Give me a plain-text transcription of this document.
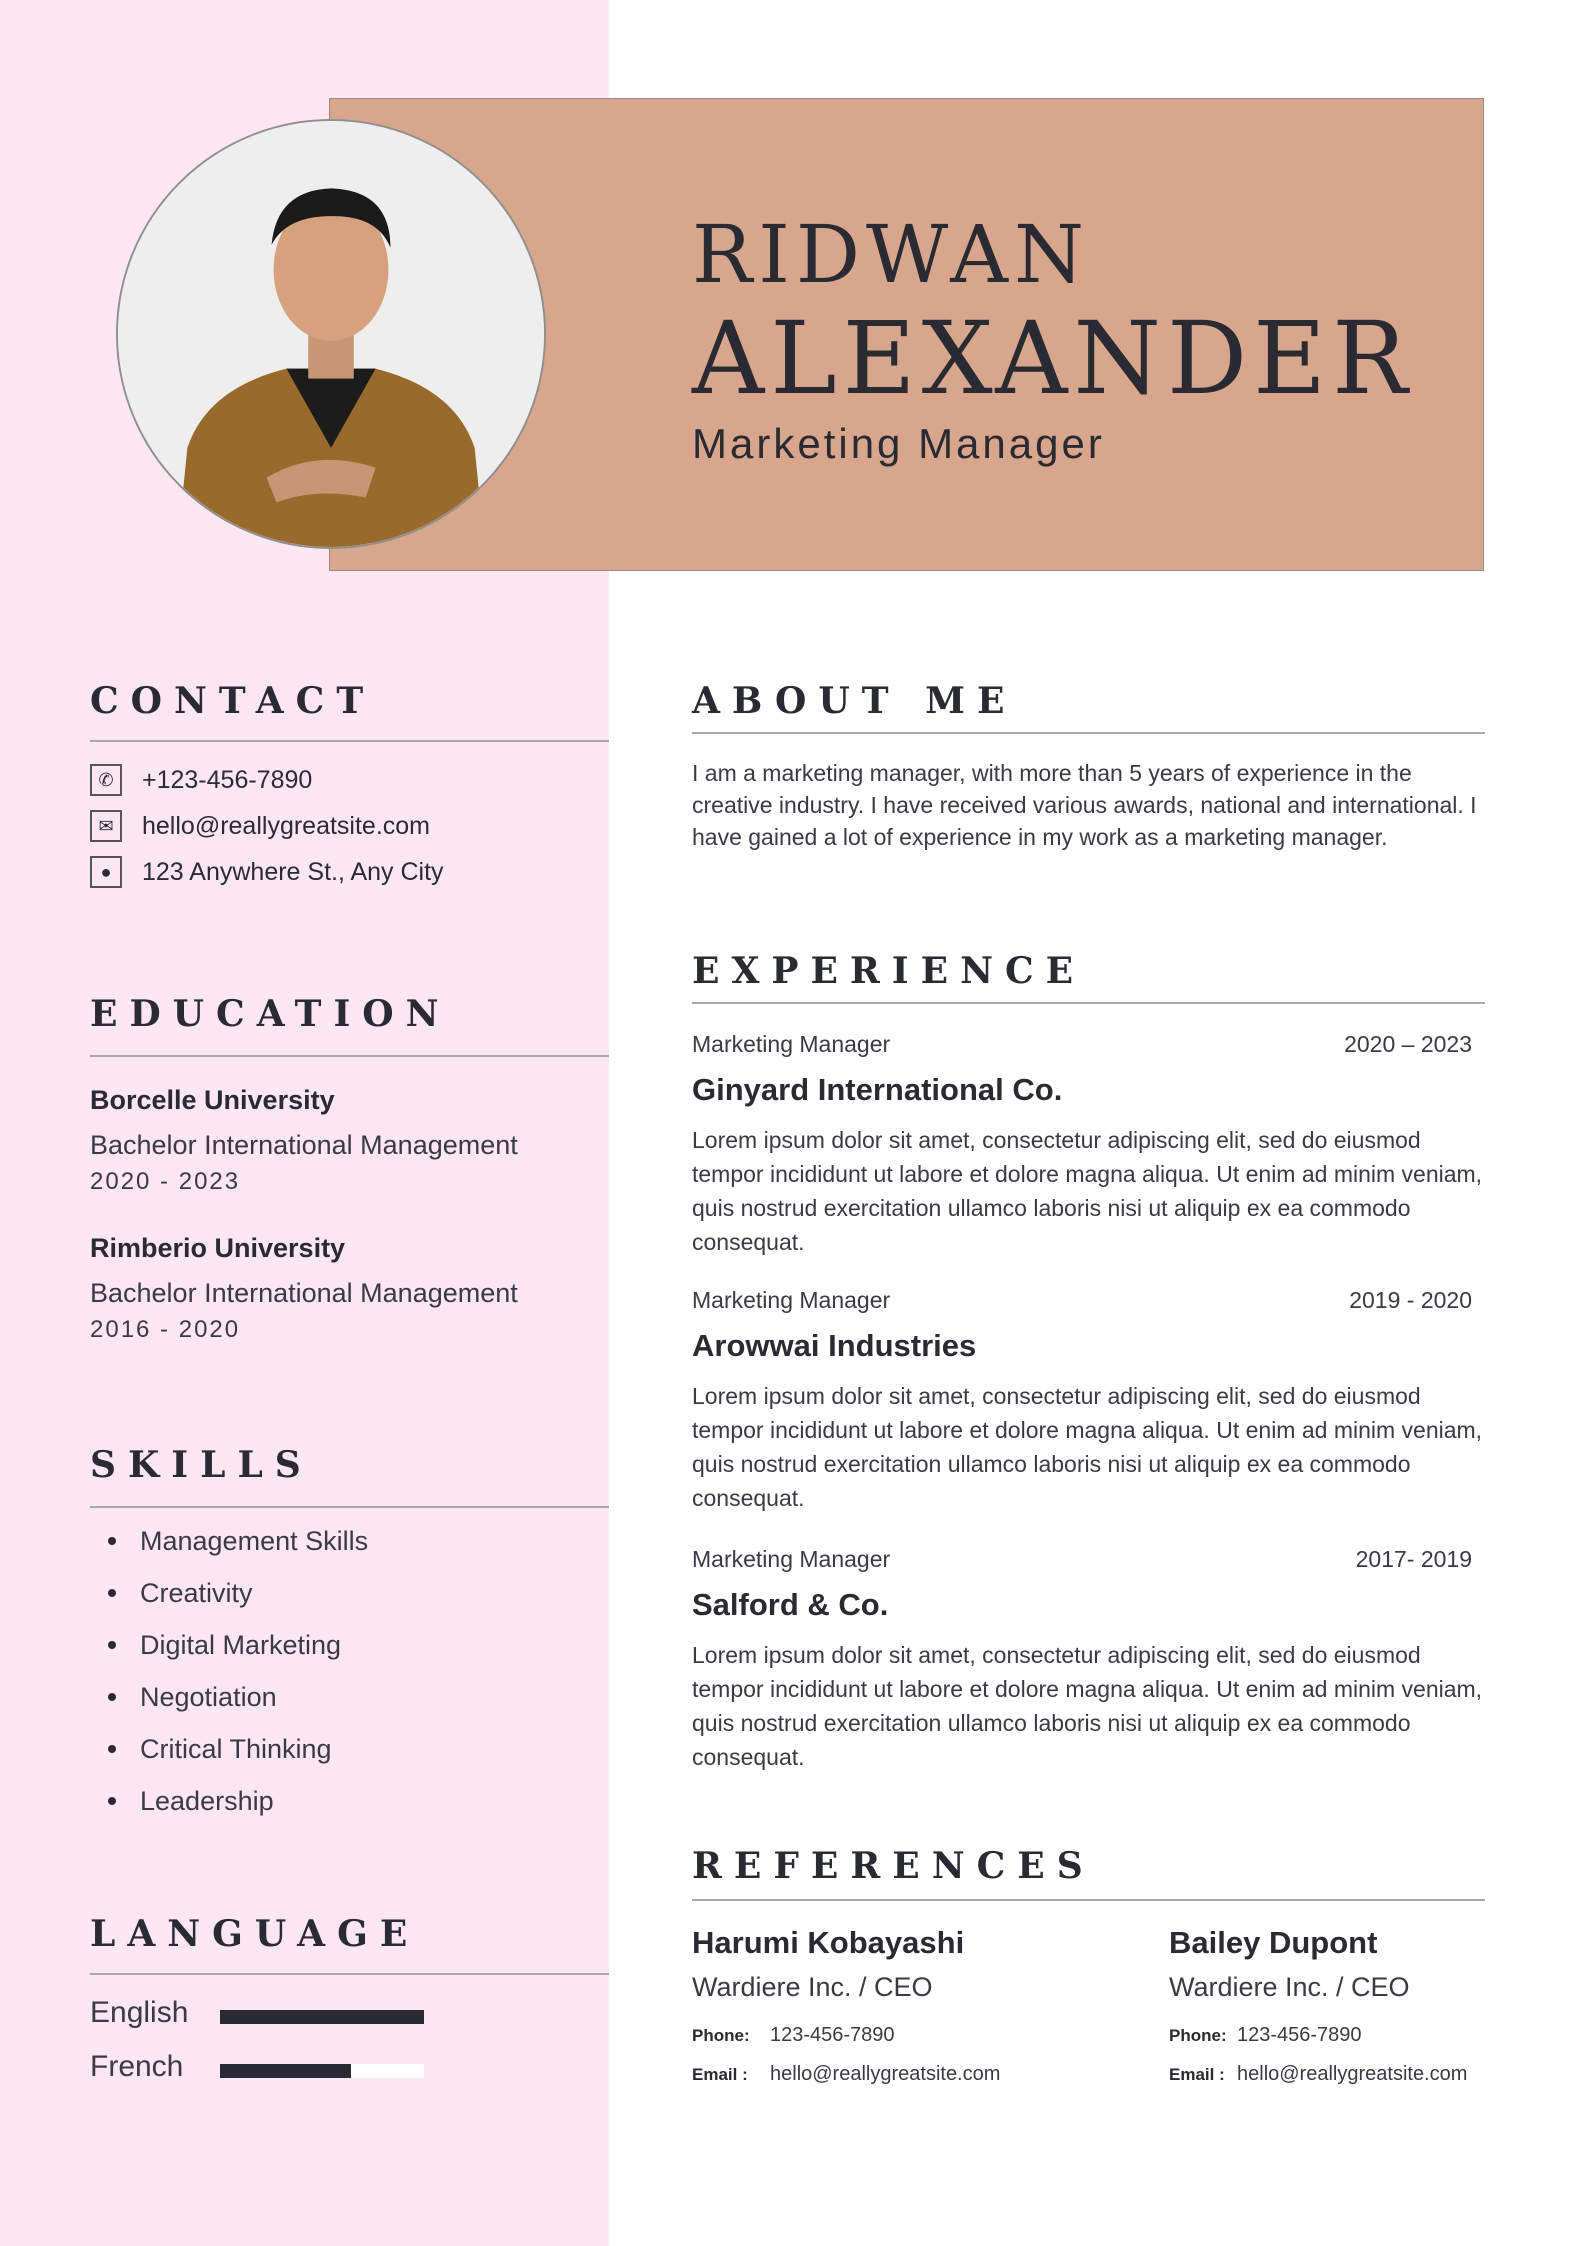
RIDWAN
ALEXANDER
Marketing Manager
CONTACT
✆	+123-456-7890
✉	hello@reallygreatsite.com
●	123 Anywhere St., Any City
EDUCATION
Borcelle University
Bachelor International Management
2020 - 2023
Rimberio University
Bachelor International Management
2016 - 2020
SKILLS
Management Skills
Creativity
Digital Marketing
Negotiation
Critical Thinking
Leadership
LANGUAGE
English
French
ABOUT ME

I am a marketing manager, with more than 5 years of experience in the creative industry. I have received various awards, national and international. I have gained a lot of experience in my work as a marketing manager.

EXPERIENCE
Marketing Manager	2020 – 2023
Ginyard International Co.

Lorem ipsum dolor sit amet, consectetur adipiscing elit, sed do eiusmod tempor incididunt ut labore et dolore magna aliqua. Ut enim ad minim veniam, quis nostrud exercitation ullamco laboris nisi ut aliquip ex ea commodo consequat.

Marketing Manager	2019 - 2020
Arowwai Industries

Lorem ipsum dolor sit amet, consectetur adipiscing elit, sed do eiusmod tempor incididunt ut labore et dolore magna aliqua. Ut enim ad minim veniam, quis nostrud exercitation ullamco laboris nisi ut aliquip ex ea commodo consequat.

Marketing Manager	2017- 2019
Salford & Co.

Lorem ipsum dolor sit amet, consectetur adipiscing elit, sed do eiusmod tempor incididunt ut labore et dolore magna aliqua. Ut enim ad minim veniam, quis nostrud exercitation ullamco laboris nisi ut aliquip ex ea commodo consequat.

REFERENCES
Harumi Kobayashi
Wardiere Inc. / CEO
Phone:	123-456-7890
Email :	hello@reallygreatsite.com
Bailey Dupont
Wardiere Inc. / CEO
Phone: 123-456-7890
Email : hello@reallygreatsite.com
